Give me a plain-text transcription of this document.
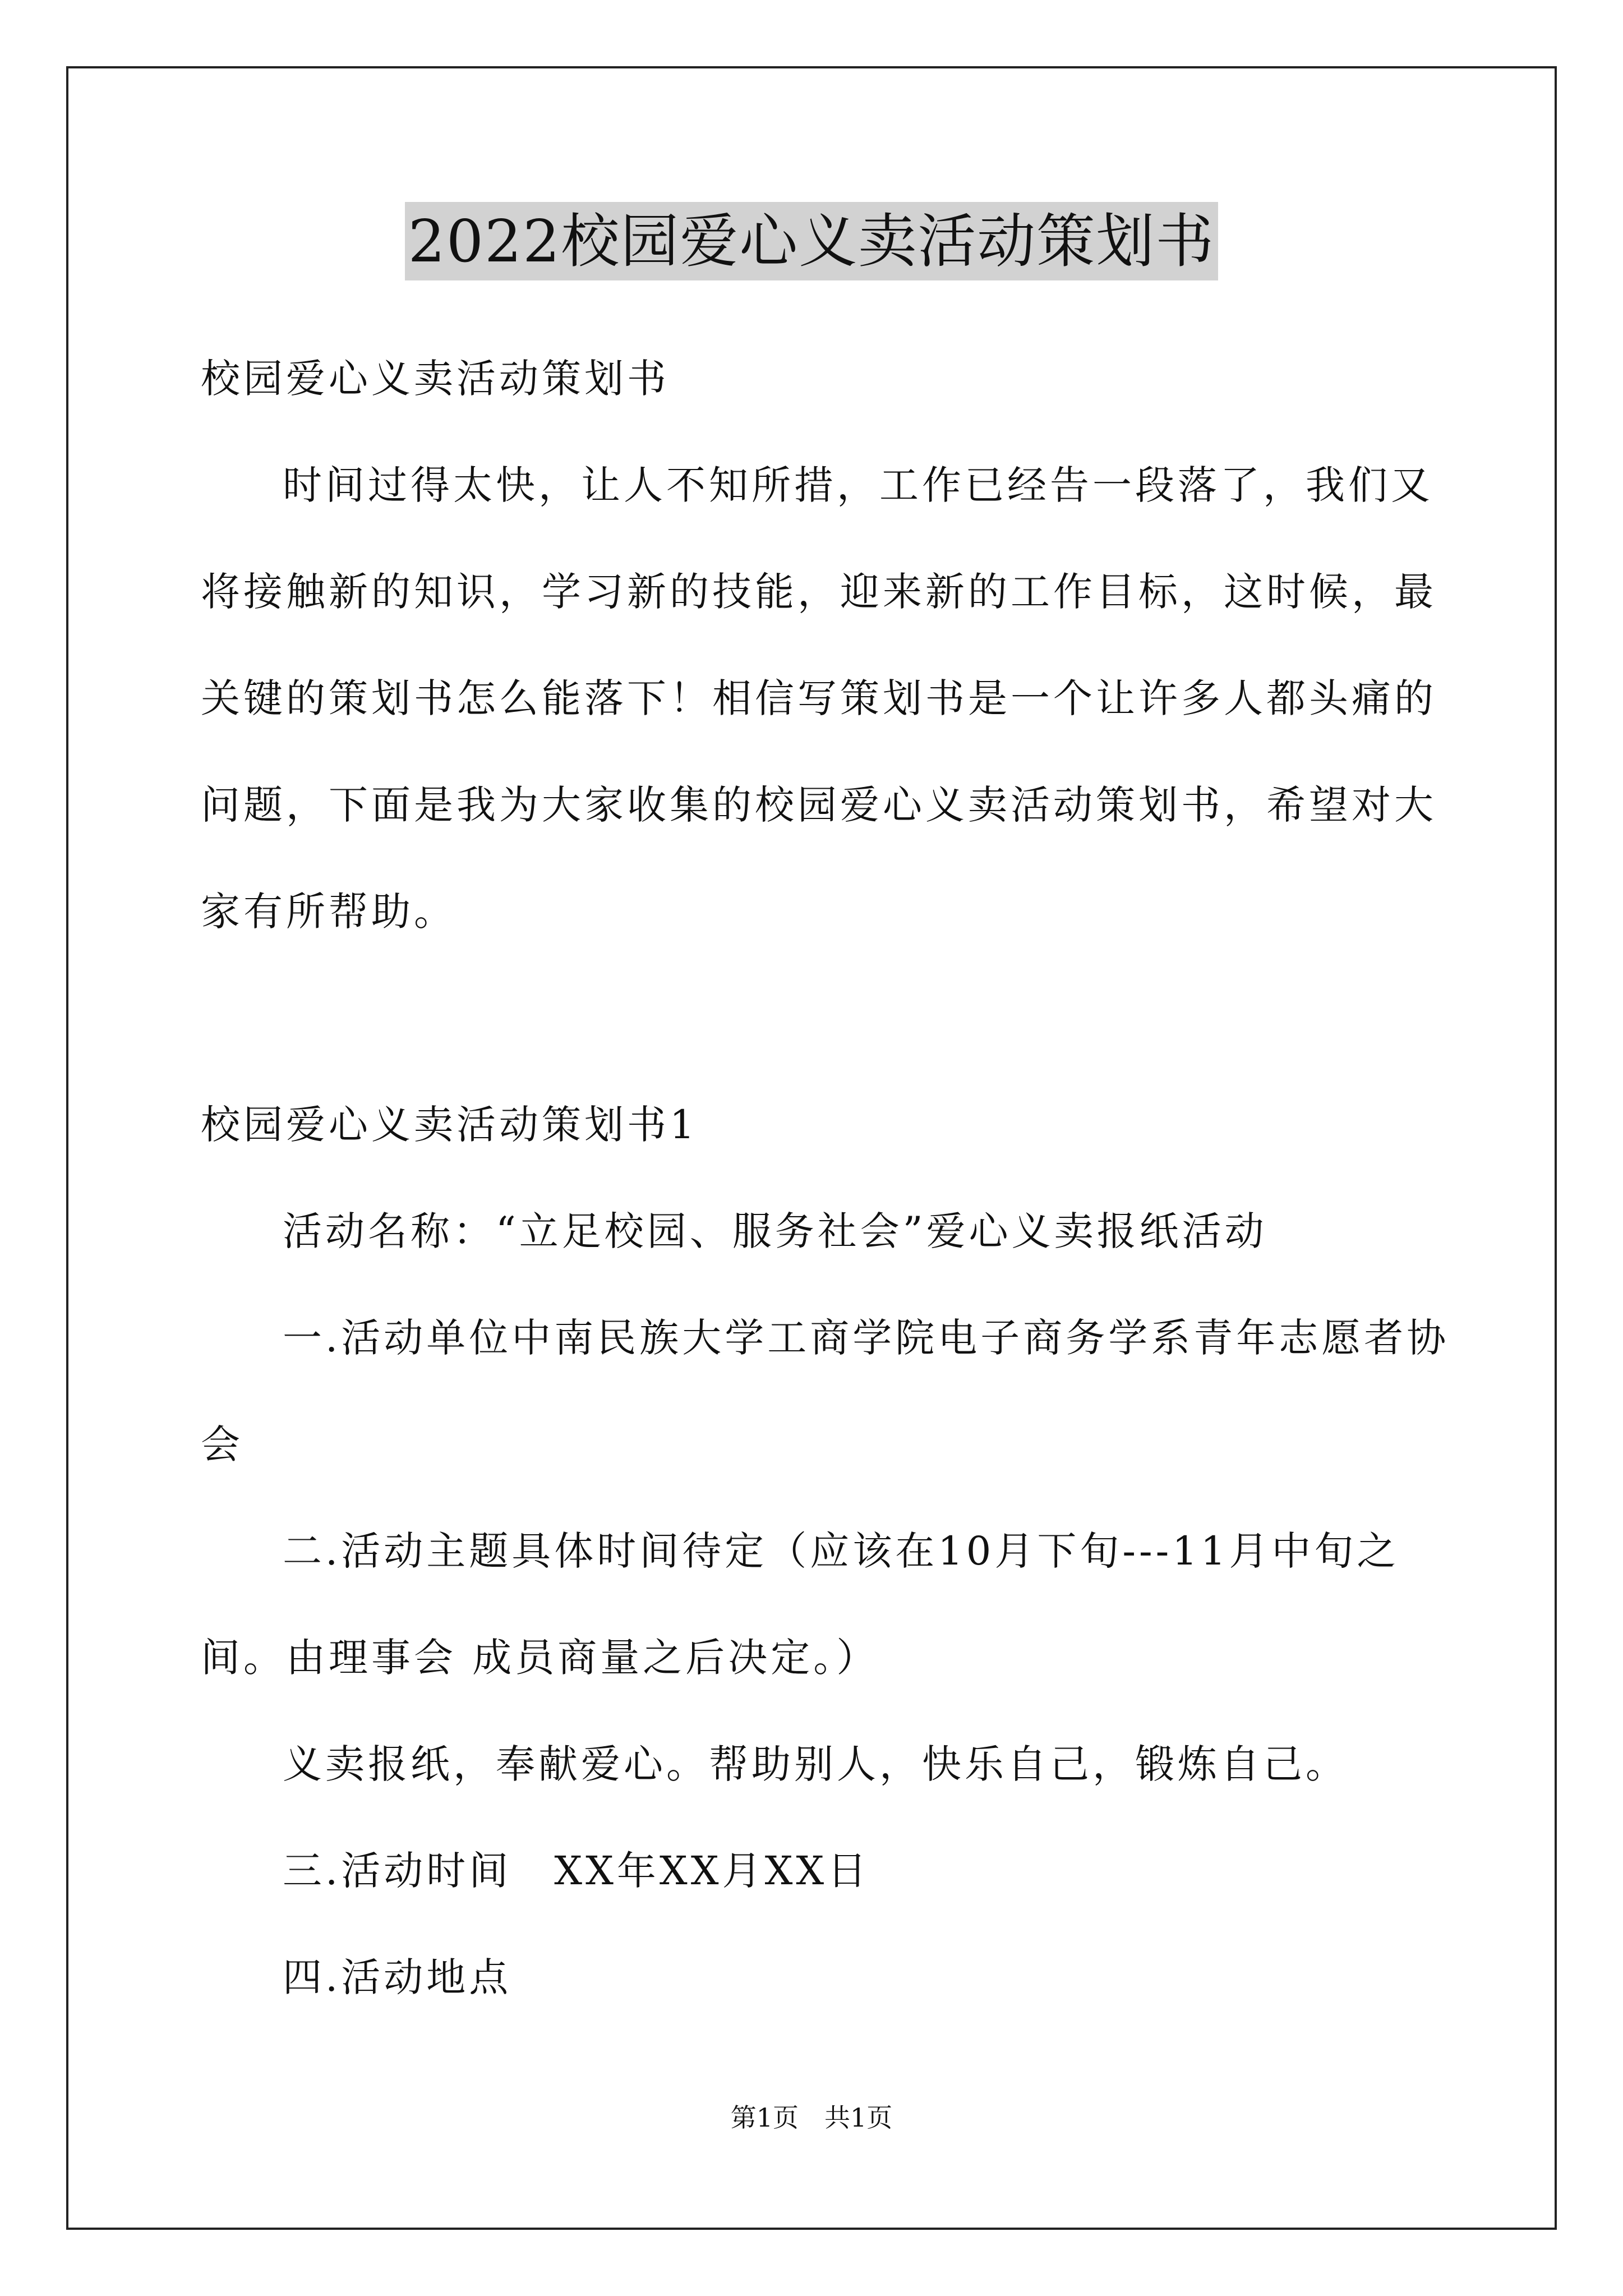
2022校园爱心义卖活动策划书

校园爱心义卖活动策划书

时间过得太快，让人不知所措，工作已经告一段落了，我们又将接触新的知识，学习新的技能，迎来新的工作目标，这时候，最关键的策划书怎么能落下！相信写策划书是一个让许多人都头痛的问题，下面是我为大家收集的校园爱心义卖活动策划书，希望对大家有所帮助。

校园爱心义卖活动策划书1

活动名称：“立足校园、服务社会”爱心义卖报纸活动

一.活动单位中南民族大学工商学院电子商务学系青年志愿者协会

二.活动主题具体时间待定（应该在10月下旬---11月中旬之间。由理事会 成员商量之后决定。）

义卖报纸，奉献爱心。帮助别人，快乐自己，锻炼自己。

三.活动时间　XX年XX月XX日

四.活动地点

第1页　共1页
